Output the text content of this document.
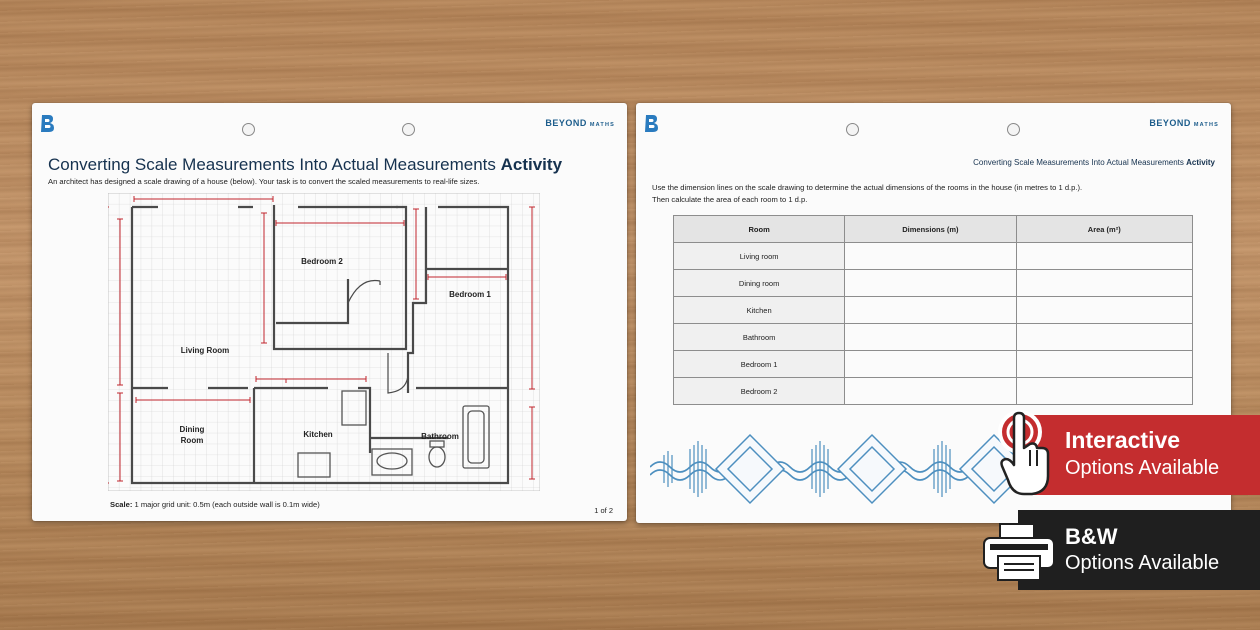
BEYOND MATHS
Converting Scale Measurements Into Actual Measurements Activity
An architect has designed a scale drawing of a house (below). Your task is to convert the scaled measurements to real-life sizes.
Bedroom 2
Bedroom 1
Living Room
Dining
Room
Kitchen	Bathroom
Scale: 1 major grid unit: 0.5m (each outside wall is 0.1m wide)
1 of 2
BEYOND MATHS
Converting Scale Measurements Into Actual Measurements Activity
Use the dimension lines on the scale drawing to determine the actual dimensions of the rooms in the house (in metres to 1 d.p.).
Then calculate the area of each room to 1 d.p.
Room	Dimensions (m)	Area (m²)
Living room		
Dining room		
Kitchen		
Bathroom		
Bedroom 1		
Bedroom 2		
Interactive
Options Available
B&W
Options Available
